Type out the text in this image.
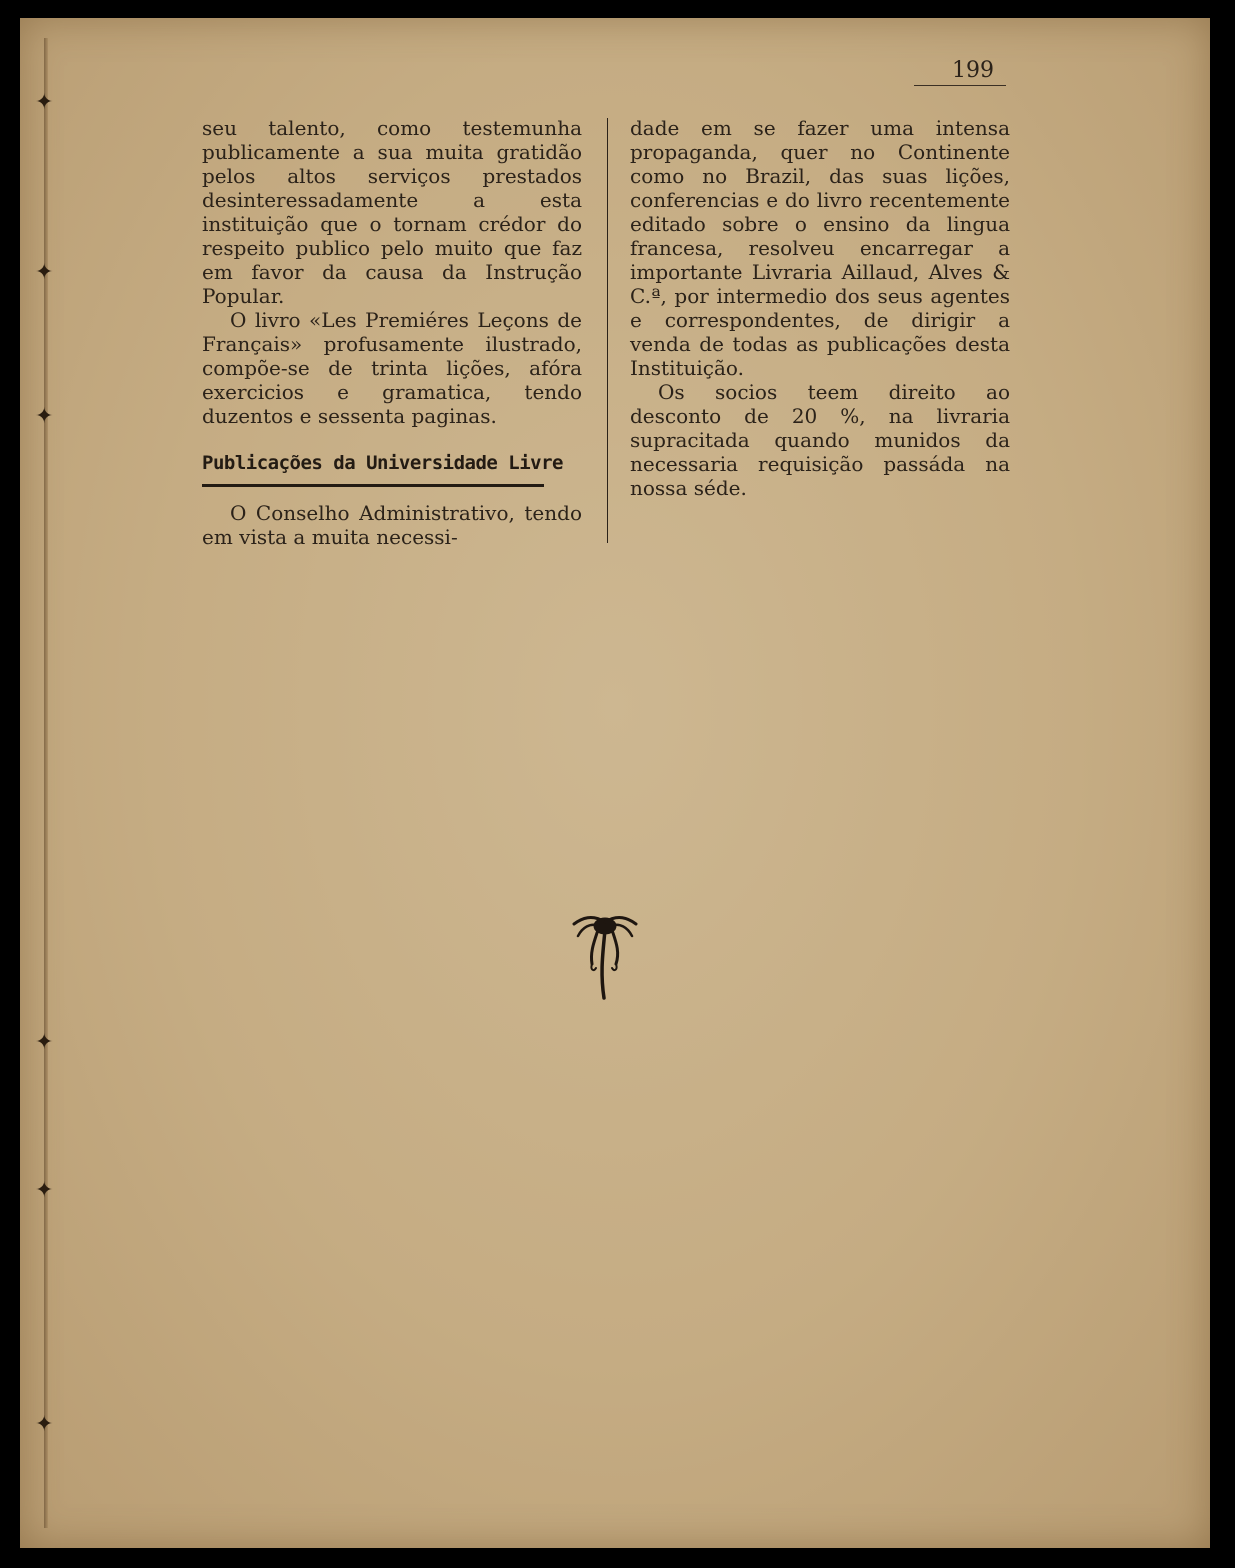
✦
✦
✦
✦
✦
✦
199

seu talento, como testemunha publicamente a sua muita gratidão pelos altos serviços prestados desinteressadamente a esta instituição que o tornam crédor do respeito publico pelo muito que faz em favor da causa da Instrução Popular.

O livro «Les Premiéres Leçons de Français» profusamente ilustrado, compõe-se de trinta lições, afóra exercicios e gramatica, tendo duzentos e sessenta paginas.

Publicações da Universidade Livre

O Conselho Administrativo, tendo em vista a muita necessi-

dade em se fazer uma intensa propaganda, quer no Continente como no Brazil, das suas lições, conferencias e do livro recentemente editado sobre o ensino da lingua francesa, resolveu encarregar a importante Livraria Aillaud, Alves & C.ª, por intermedio dos seus agentes e correspondentes, de dirigir a venda de todas as publicações desta Instituição.

Os socios teem direito ao desconto de 20 %, na livraria supracitada quando munidos da necessaria requisição passáda na nossa séde.
